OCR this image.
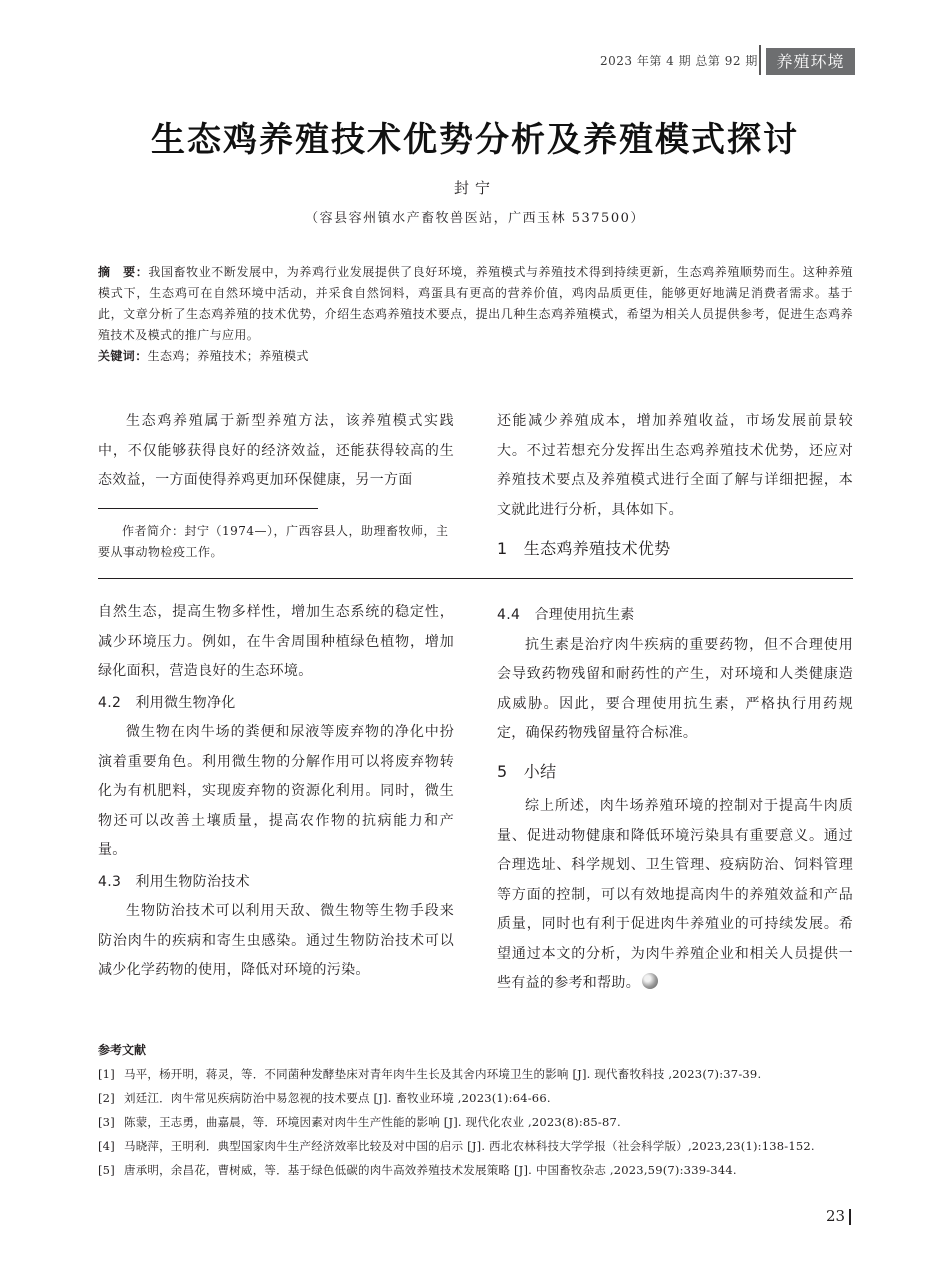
2023 年第 4 期 总第 92 期	养殖环境
生态鸡养殖技术优势分析及养殖模式探讨
封宁
（容县容州镇水产畜牧兽医站，广西玉林 537500）
摘　要：我国畜牧业不断发展中，为养鸡行业发展提供了良好环境，养殖模式与养殖技术得到持续更新，生态鸡养殖顺势而生。这种养殖模式下，生态鸡可在自然环境中活动，并采食自然饲料，鸡蛋具有更高的营养价值，鸡肉品质更佳，能够更好地满足消费者需求。基于此，文章分析了生态鸡养殖的技术优势，介绍生态鸡养殖技术要点，提出几种生态鸡养殖模式，希望为相关人员提供参考，促进生态鸡养殖技术及模式的推广与应用。
关键词：生态鸡；养殖技术；养殖模式

生态鸡养殖属于新型养殖方法，该养殖模式实践中，不仅能够获得良好的经济效益，还能获得较高的生态效益，一方面使得养鸡更加环保健康，另一方面

作者简介：封宁（1974—），广西容县人，助理畜牧师，主要从事动物检疫工作。

还能减少养殖成本，增加养殖收益，市场发展前景较大。不过若想充分发挥出生态鸡养殖技术优势，还应对养殖技术要点及养殖模式进行全面了解与详细把握，本文就此进行分析，具体如下。

1　生态鸡养殖技术优势

自然生态，提高生物多样性，增加生态系统的稳定性，减少环境压力。例如，在牛舍周围种植绿色植物，增加绿化面积，营造良好的生态环境。

4.2　利用微生物净化

微生物在肉牛场的粪便和尿液等废弃物的净化中扮演着重要角色。利用微生物的分解作用可以将废弃物转化为有机肥料，实现废弃物的资源化利用。同时，微生物还可以改善土壤质量，提高农作物的抗病能力和产量。

4.3　利用生物防治技术

生物防治技术可以利用天敌、微生物等生物手段来防治肉牛的疾病和寄生虫感染。通过生物防治技术可以减少化学药物的使用，降低对环境的污染。

4.4　合理使用抗生素

抗生素是治疗肉牛疾病的重要药物，但不合理使用会导致药物残留和耐药性的产生，对环境和人类健康造成威胁。因此，要合理使用抗生素，严格执行用药规定，确保药物残留量符合标准。

5　小结

综上所述，肉牛场养殖环境的控制对于提高牛肉质量、促进动物健康和降低环境污染具有重要意义。通过合理选址、科学规划、卫生管理、疫病防治、饲料管理等方面的控制，可以有效地提高肉牛的养殖效益和产品质量，同时也有利于促进肉牛养殖业的可持续发展。希望通过本文的分析，为肉牛养殖企业和相关人员提供一些有益的参考和帮助。

参考文献
[1] 马平，杨开明，蒋灵，等．不同菌种发酵垫床对青年肉牛生长及其舍内环境卫生的影响 [J]. 现代畜牧科技 ,2023(7):37-39.
[2] 刘廷江．肉牛常见疾病防治中易忽视的技术要点 [J]. 畜牧业环境 ,2023(1):64-66.
[3] 陈蒙，王志勇，曲嘉晨，等．环境因素对肉牛生产性能的影响 [J]. 现代化农业 ,2023(8):85-87.
[4] 马晓萍，王明利．典型国家肉牛生产经济效率比较及对中国的启示 [J]. 西北农林科技大学学报（社会科学版）,2023,23(1):138-152.
[5] 唐承明，余昌花，曹树威，等．基于绿色低碳的肉牛高效养殖技术发展策略 [J]. 中国畜牧杂志 ,2023,59(7):339-344.
23
